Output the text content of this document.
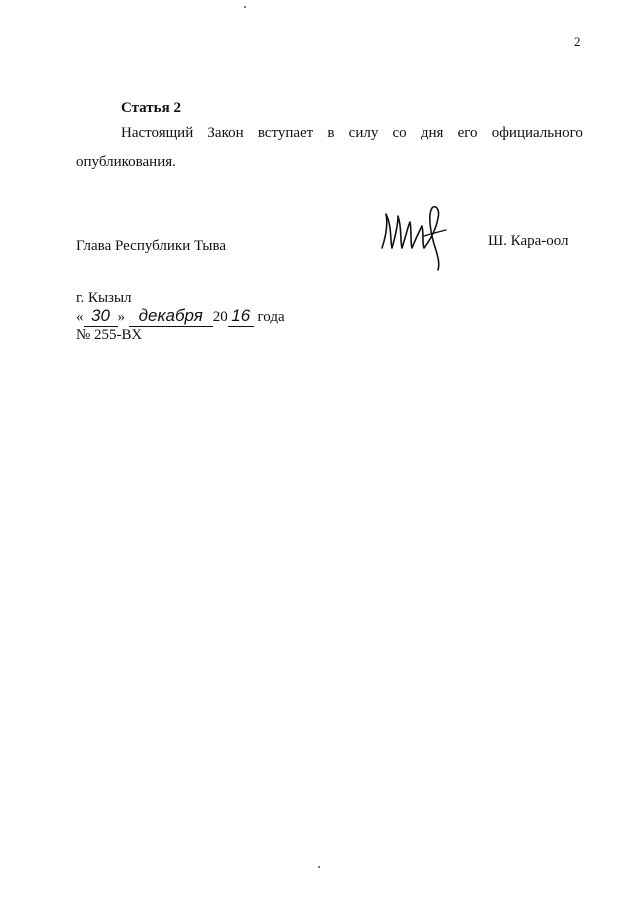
2
Статья 2
Настоящий Закон вступает в силу со дня его официального
опубликования.
Глава Республики Тыва	Ш. Кара-оол
г. Кызыл
« 30 » декабря 20 16 года
№ 255-ВХ
